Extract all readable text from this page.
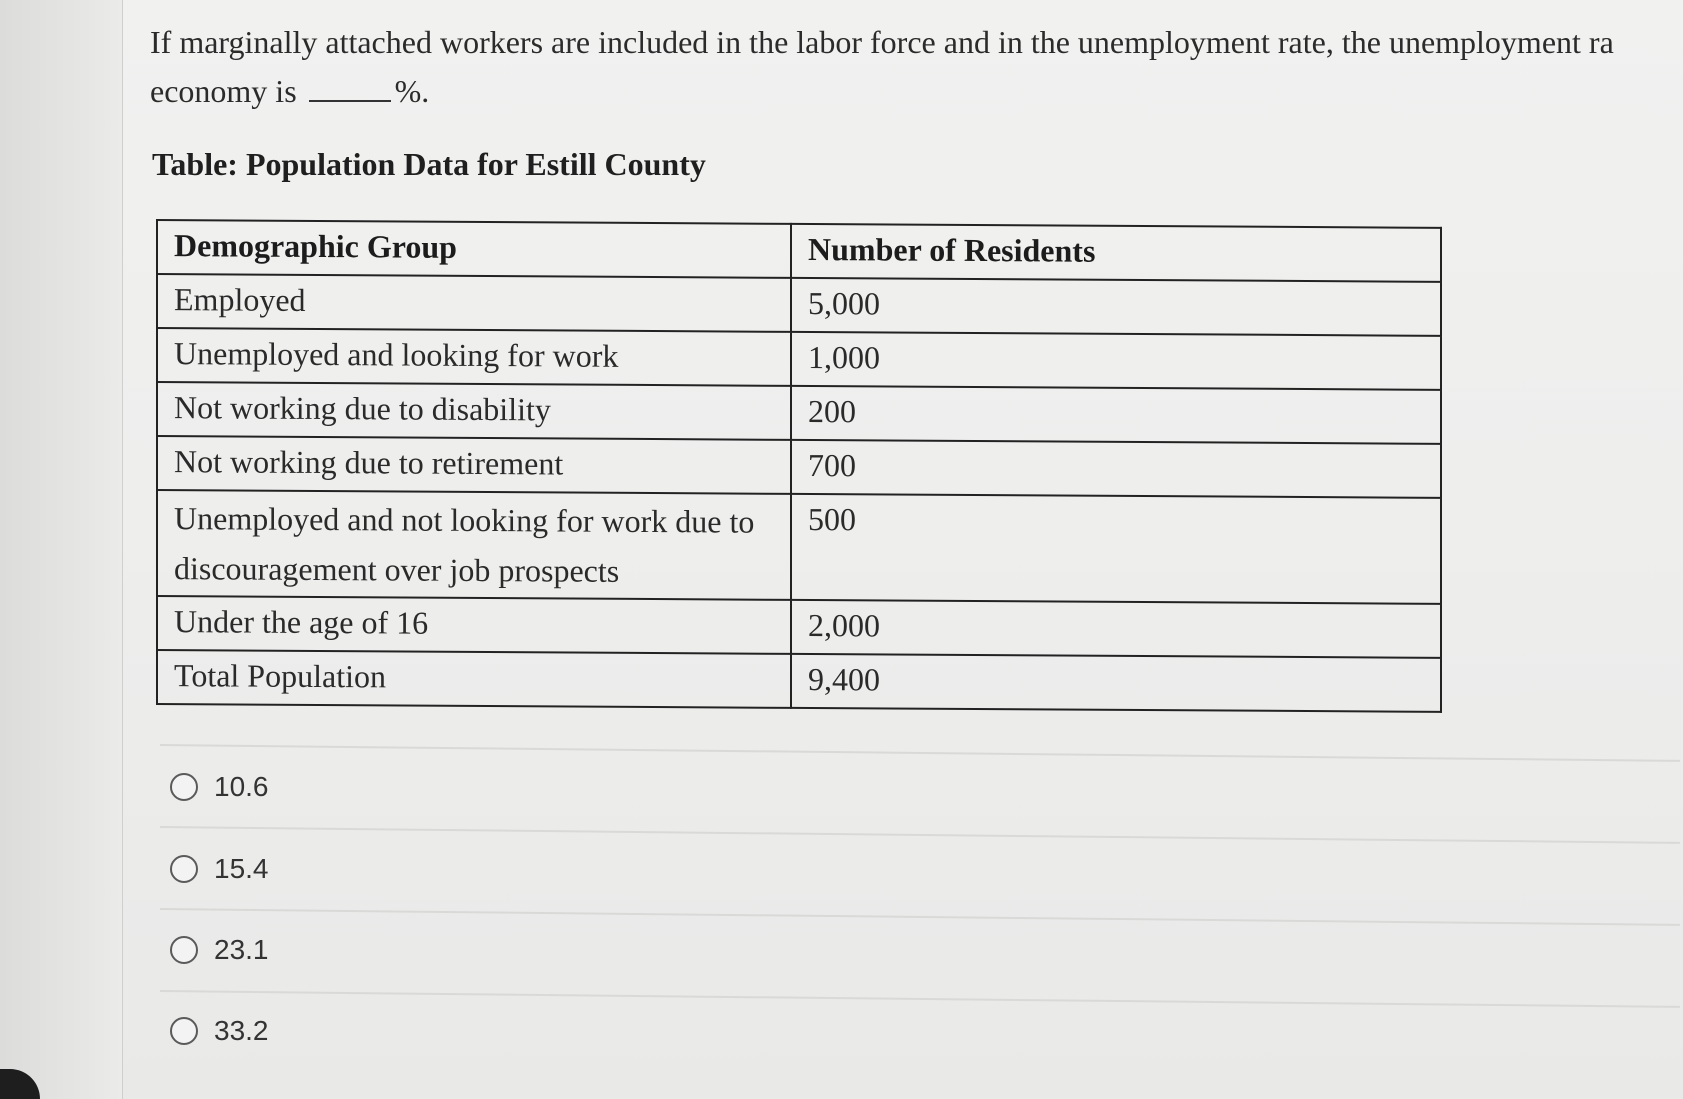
If marginally attached workers are included in the labor force and in the unemployment rate, the unemployment ra
economy is	%.
Table: Population Data for Estill County
Demographic Group	Number of Residents
Employed	5,000
Unemployed and looking for work	1,000
Not working due to disability	200
Not working due to retirement	700

Unemployed and not looking for work due to
discouragement over job prospects	500
Under the age of 16	2,000
Total Population	9,400
10.6
15.4
23.1
33.2
